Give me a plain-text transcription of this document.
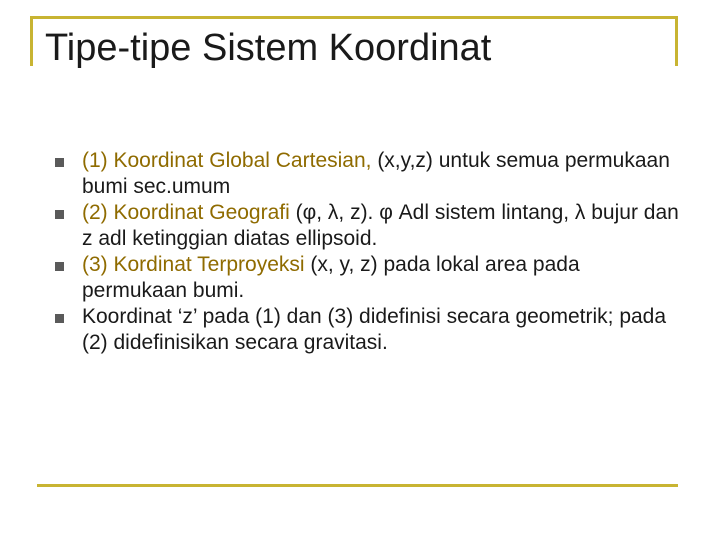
Tipe-tipe Sistem Koordinat
(1) Koordinat Global Cartesian, (x,y,z) untuk semua permukaan bumi sec.umum
(2) Koordinat Geografi (φ, λ, z). φ Adl sistem lintang, λ bujur dan z adl ketinggian diatas ellipsoid.
(3) Kordinat Terproyeksi (x, y, z) pada lokal area pada permukaan bumi.
Koordinat ‘z’ pada (1) dan (3) didefinisi secara geometrik; pada (2) didefinisikan secara gravitasi.
